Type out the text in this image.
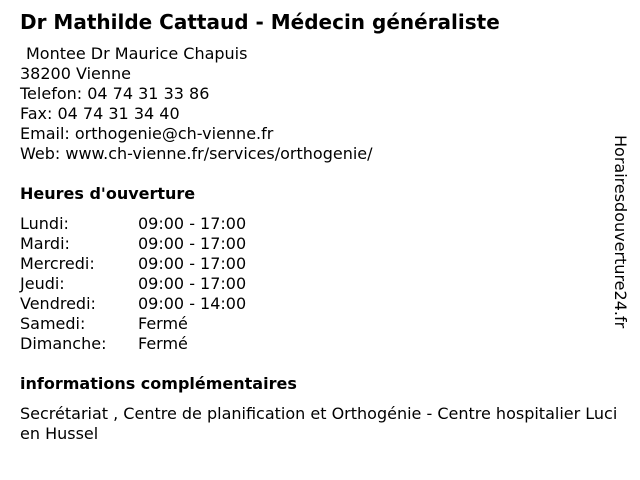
Dr Mathilde Cattaud - Médecin généraliste
Montee Dr Maurice Chapuis
38200 Vienne
Telefon: 04 74 31 33 86
Fax: 04 74 31 34 40
Email: orthogenie@ch-vienne.fr
Web: www.ch-vienne.fr/services/orthogenie/
Heures d'ouverture
Lundi:	09:00 - 17:00
Mardi:	09:00 - 17:00
Mercredi:	09:00 - 17:00
Jeudi:	09:00 - 17:00
Vendredi:	09:00 - 14:00
Samedi:	Fermé
Dimanche:	Fermé
informations complémentaires
Secrétariat , Centre de planification et Orthogénie - Centre hospitalier Lucien Hussel
Horairesdouverture24.fr
